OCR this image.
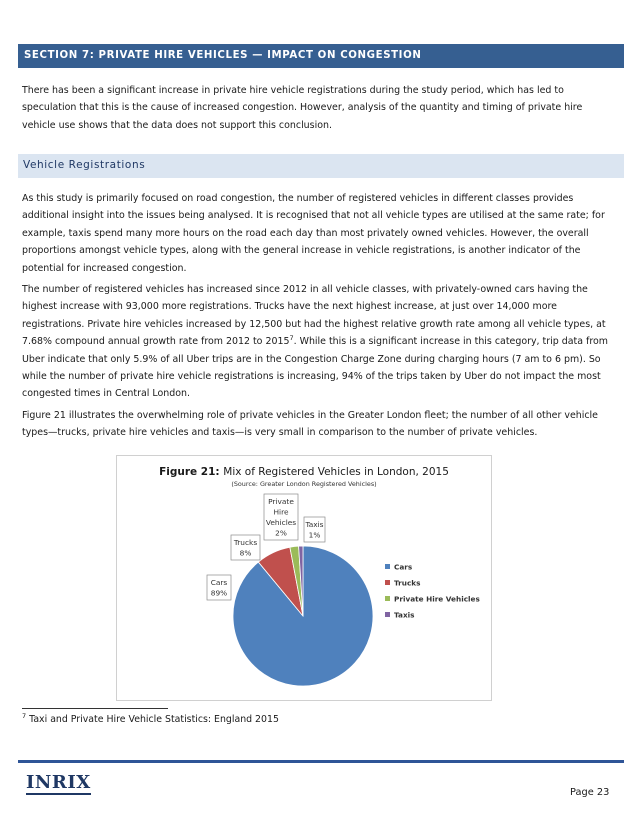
SECTION 7: PRIVATE HIRE VEHICLES — IMPACT ON CONGESTION

There has been a significant increase in private hire vehicle registrations during the study period, which has led to speculation that this is the cause of increased congestion. However, analysis of the quantity and timing of private hire vehicle use shows that the data does not support this conclusion.

Vehicle Registrations

As this study is primarily focused on road congestion, the number of registered vehicles in different classes provides additional insight into the issues being analysed. It is recognised that not all vehicle types are utilised at the same rate; for example, taxis spend many more hours on the road each day than most privately owned vehicles. However, the overall proportions amongst vehicle types, along with the general increase in vehicle registrations, is another indicator of the potential for increased congestion.

The number of registered vehicles has increased since 2012 in all vehicle classes, with privately-owned cars having the highest increase with 93,000 more registrations. Trucks have the next highest increase, at just over 14,000 more registrations. Private hire vehicles increased by 12,500 but had the highest relative growth rate among all vehicle types, at 7.68% compound annual growth rate from 2012 to 2015$^7$. While this is a significant increase in this category, trip data from Uber indicate that only 5.9% of all Uber trips are in the Congestion Charge Zone during charging hours (7 am to 6 pm). So while the number of private hire vehicle registrations is increasing, 94% of the trips taken by Uber do not impact the most congested times in Central London.

Figure 21 illustrates the overwhelming role of private vehicles in the Greater London fleet; the number of all other vehicle types—trucks, private hire vehicles and taxis—is very small in comparison to the number of private vehicles.

Figure 21: Mix of Registered Vehicles in London, 2015
(Source: Greater London Registered Vehicles)
Cars
89%
Trucks
8%
Private
Hire
Vehicles
2%
Taxis
1%
Cars
Trucks
Private Hire Vehicles
Taxis
$^7$ Taxi and Private Hire Vehicle Statistics: England 2015
INRIX	Page 23
